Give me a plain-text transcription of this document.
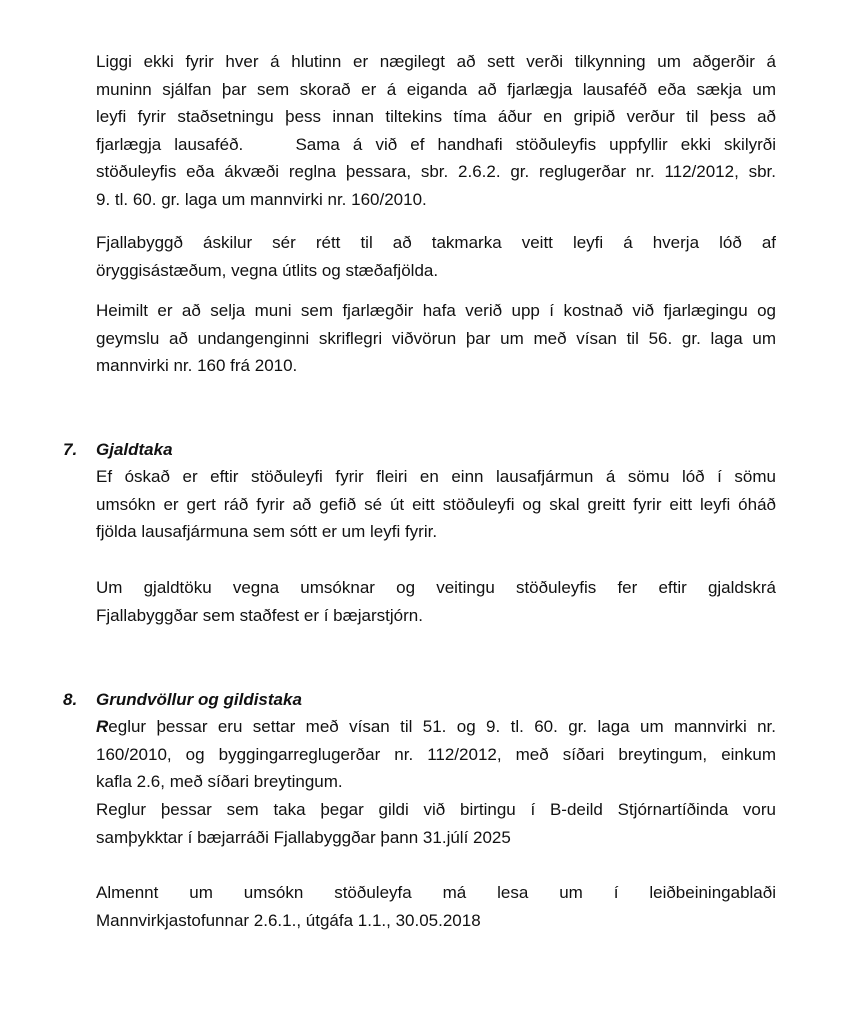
Liggi ekki fyrir hver á hlutinn er nægilegt að sett verði tilkynning um aðgerðir á
muninn sjálfan þar sem skorað er á eiganda að fjarlægja lausaféð eða sækja um
leyfi fyrir staðsetningu þess innan tiltekins tíma áður en gripið verður til þess að
fjarlægja lausaféð.    Sama á við ef handhafi stöðuleyfis uppfyllir ekki skilyrði
stöðuleyfis eða ákvæði reglna þessara, sbr. 2.6.2. gr. reglugerðar nr. 112/2012, sbr.
9. tl. 60. gr. laga um mannvirki nr. 160/2010.
Fjallabyggð áskilur sér rétt til að takmarka veitt leyfi á hverja lóð af
öryggisástæðum, vegna útlits og stæðafjölda.
Heimilt er að selja muni sem fjarlægðir hafa verið upp í kostnað við fjarlægingu og
geymslu að undangenginni skriflegri viðvörun þar um með vísan til 56. gr. laga um
mannvirki nr. 160 frá 2010.
7. Gjaldtaka
Ef óskað er eftir stöðuleyfi fyrir fleiri en einn lausafjármun á sömu lóð í sömu
umsókn er gert ráð fyrir að gefið sé út eitt stöðuleyfi og skal greitt fyrir eitt leyfi óháð
fjölda lausafjármuna sem sótt er um leyfi fyrir.
Um gjaldtöku vegna umsóknar og veitingu stöðuleyfis fer eftir gjaldskrá
Fjallabyggðar sem staðfest er í bæjarstjórn.
8. Grundvöllur og gildistaka
Reglur þessar eru settar með vísan til 51. og 9. tl. 60. gr. laga um mannvirki nr.
160/2010, og byggingarreglugerðar nr. 112/2012, með síðari breytingum, einkum
kafla 2.6, með síðari breytingum.
Reglur þessar sem taka þegar gildi við birtingu í B-deild Stjórnartíðinda voru
samþykktar í bæjarráði Fjallabyggðar þann 31.júlí 2025
Almennt um umsókn stöðuleyfa má lesa um í leiðbeiningablaði
Mannvirkjastofunnar 2.6.1., útgáfa 1.1., 30.05.2018
